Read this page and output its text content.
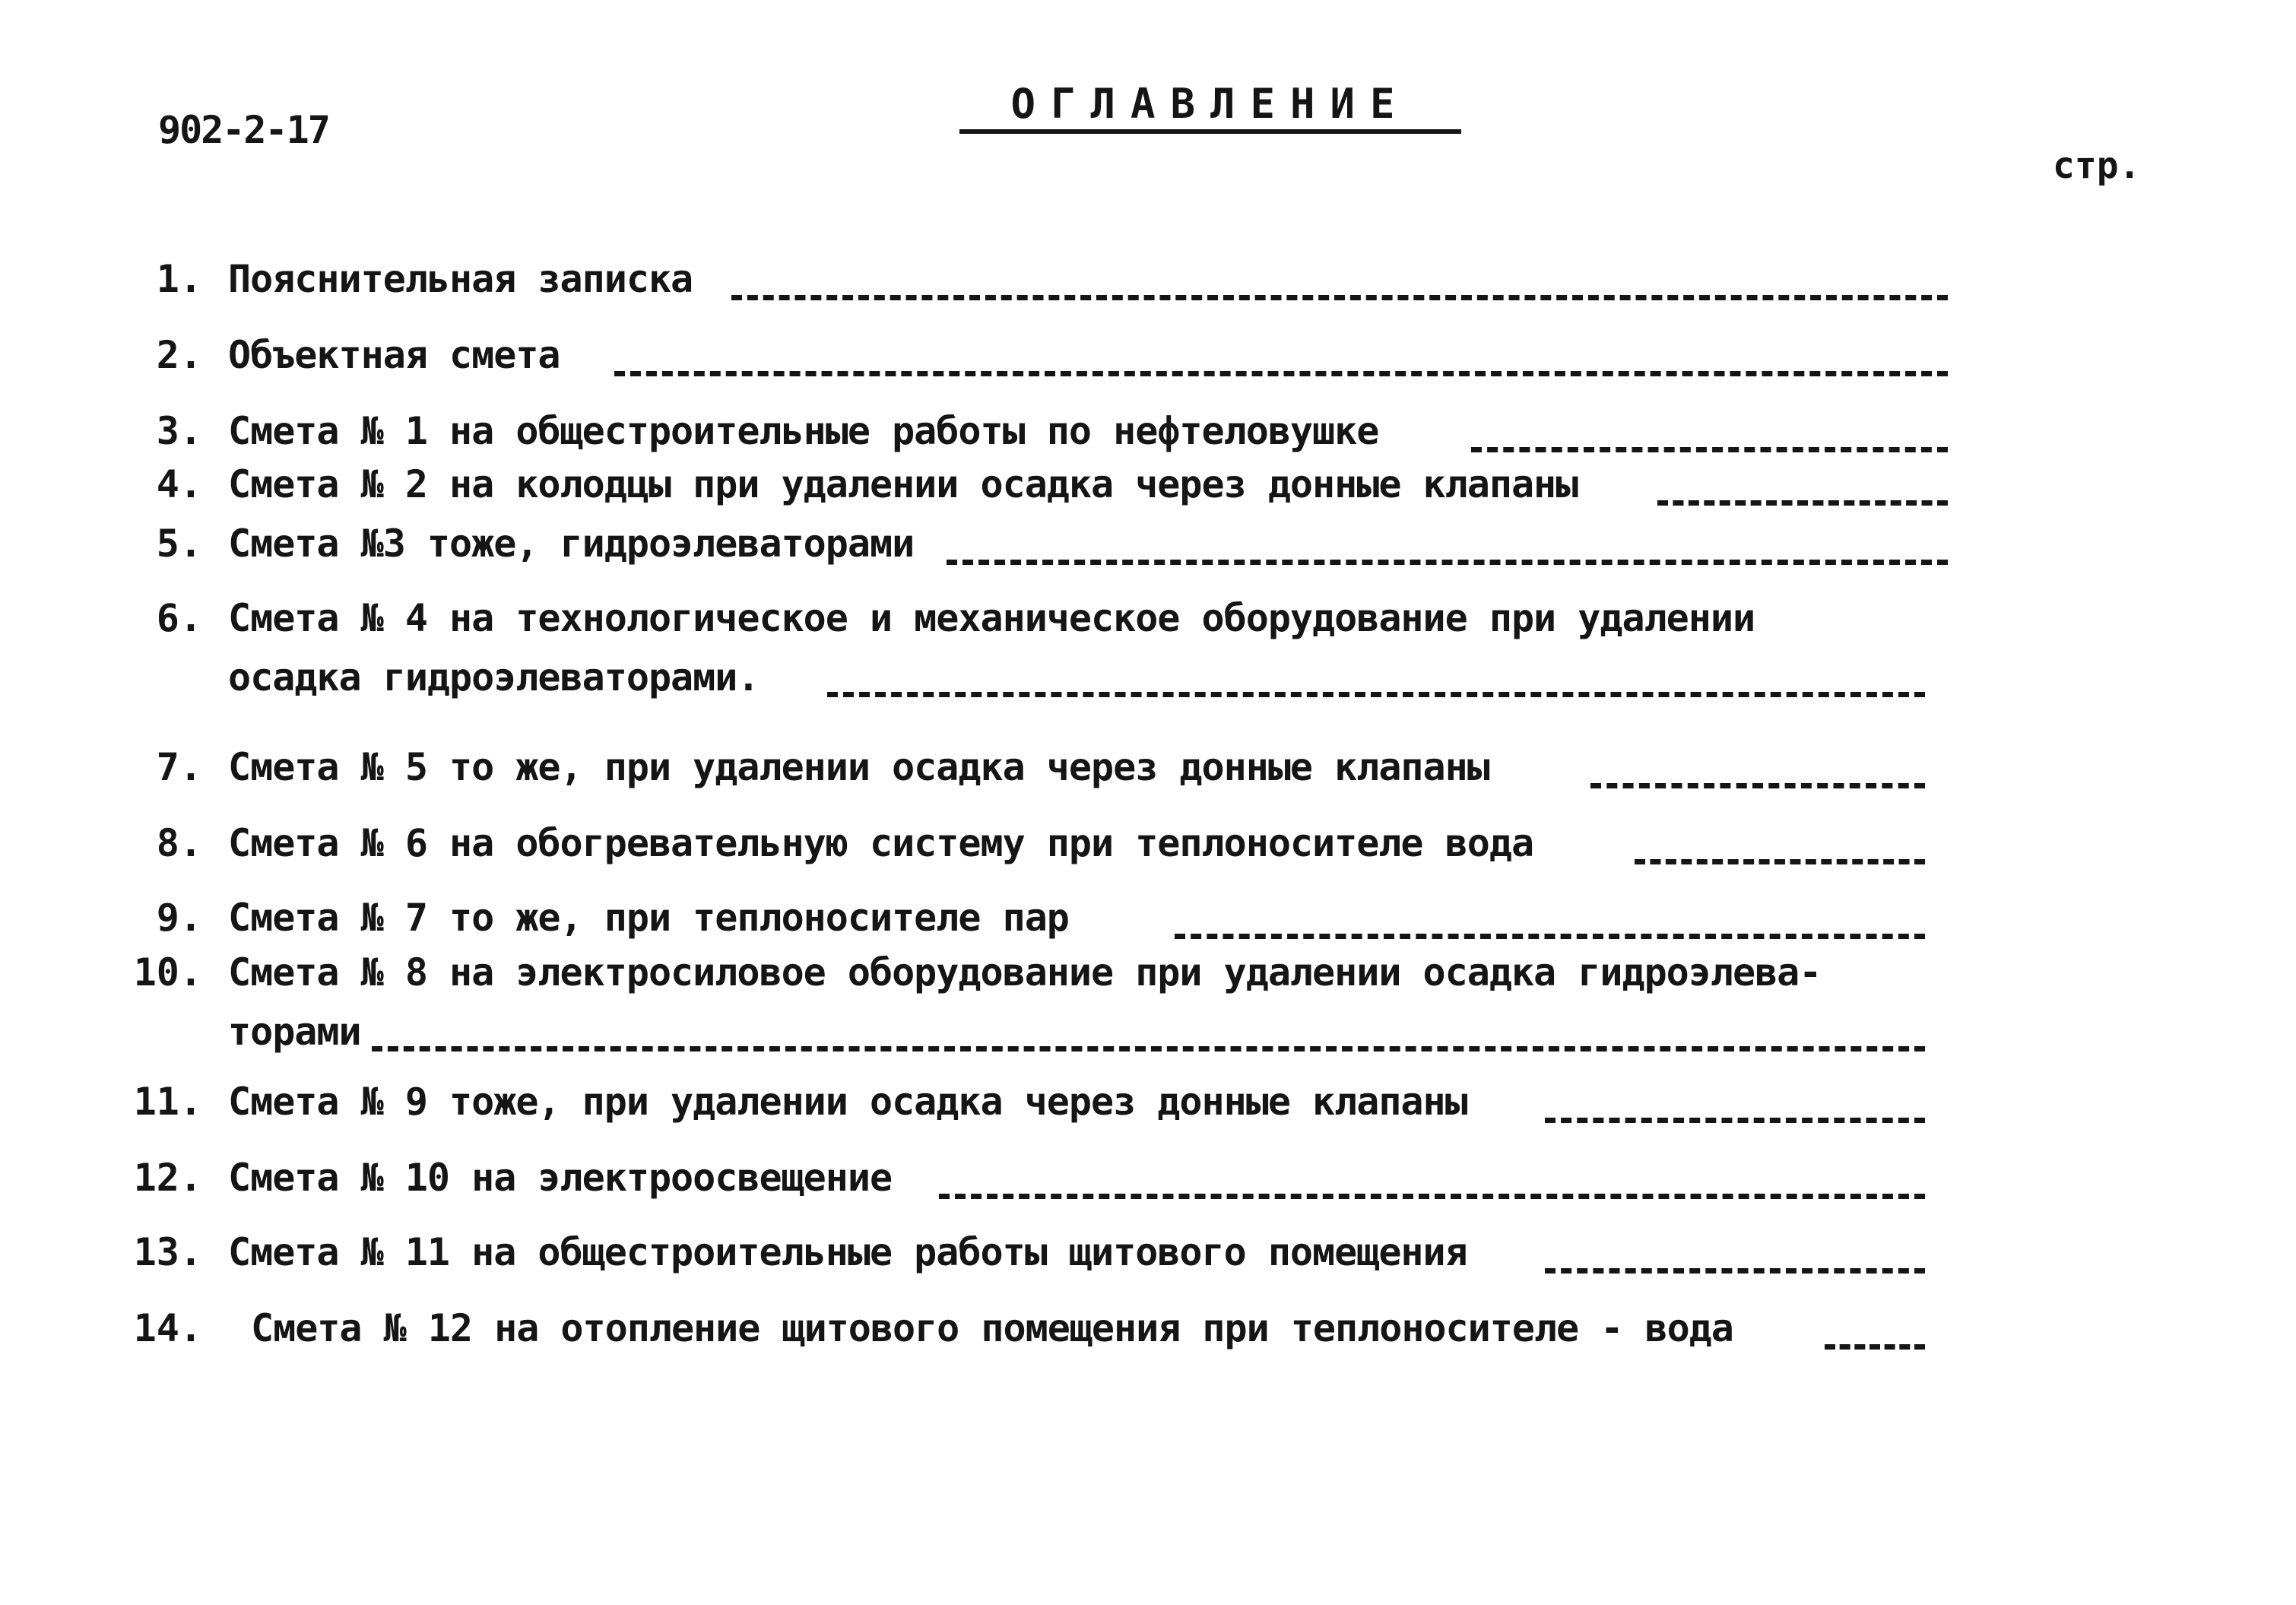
902-2-17
ОГЛАВЛЕНИЕ
стр.
1. Пояснительная записка
2. Объектная смета
3. Смета № 1 на общестроительные работы по нефтеловушке
4. Смета № 2 на колодцы при удалении осадка через донные клапаны
5. Смета №3 тоже, гидроэлеваторами
6. Смета № 4 на технологическое и механическое оборудование при удалении
осадка гидроэлеваторами.
7. Смета № 5 то же, при удалении осадка через донные клапаны
8. Смета № 6 на обогревательную систему при теплоносителе вода
9. Смета № 7 то же, при теплоносителе пар
10. Смета № 8 на электросиловое оборудование при удалении осадка гидроэлева-
торами
11. Смета № 9 тоже, при удалении осадка через донные клапаны
12. Смета № 10 на электроосвещение
13. Смета № 11 на общестроительные работы щитового помещения
14. Смета № 12 на отопление щитового помещения при теплоносителе - вода
